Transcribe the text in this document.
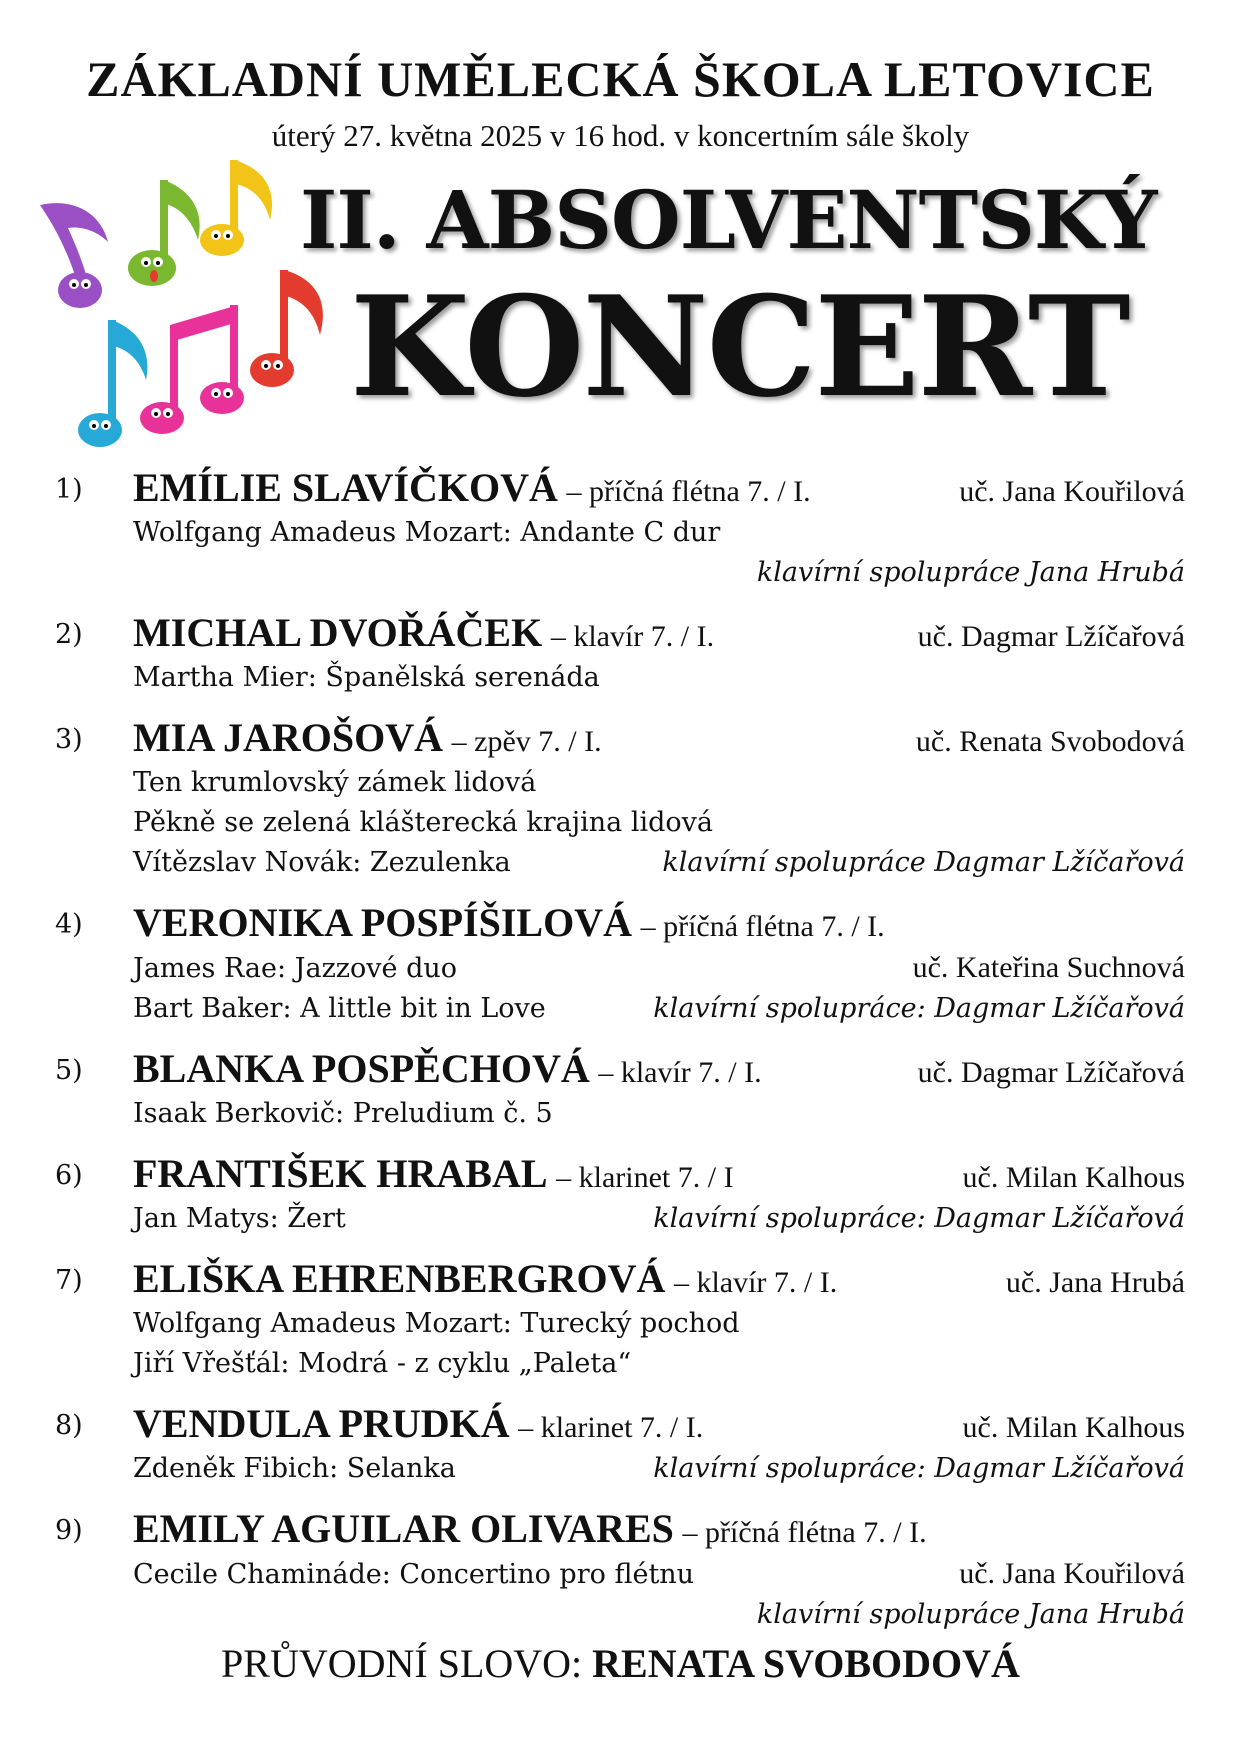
ZÁKLADNÍ UMĚLECKÁ ŠKOLA LETOVICE
úterý 27. května 2025 v 16 hod. v koncertním sále školy
II. ABSOLVENTSKÝ
KONCERT
1) EMÍLIE SLAVÍČKOVÁ – příčná flétna 7. / I.	uč. Jana Kouřilová
Wolfgang Amadeus Mozart: Andante C dur
klavírní spolupráce Jana Hrubá
2) MICHAL DVOŘÁČEK – klavír 7. / I.	uč. Dagmar Lžíčařová
Martha Mier: Španělská serenáda
3) MIA JAROŠOVÁ – zpěv 7. / I.	uč. Renata Svobodová
Ten krumlovský zámek lidová
Pěkně se zelená klášterecká krajina lidová
Vítězslav Novák: Zezulenka	klavírní spolupráce Dagmar Lžíčařová
4) VERONIKA POSPÍŠILOVÁ – příčná flétna 7. / I.
James Rae: Jazzové duo	uč. Kateřina Suchnová
Bart Baker: A little bit in Love	klavírní spolupráce: Dagmar Lžíčařová
5) BLANKA POSPĚCHOVÁ – klavír 7. / I.	uč. Dagmar Lžíčařová
Isaak Berkovič: Preludium č. 5
6) FRANTIŠEK HRABAL – klarinet 7. / I	uč. Milan Kalhous
Jan Matys: Žert	klavírní spolupráce: Dagmar Lžíčařová
7) ELIŠKA EHRENBERGROVÁ – klavír 7. / I.	uč. Jana Hrubá
Wolfgang Amadeus Mozart: Turecký pochod
Jiří Vřešťál: Modrá - z cyklu „Paleta“
8) VENDULA PRUDKÁ – klarinet 7. / I.	uč. Milan Kalhous
Zdeněk Fibich: Selanka	klavírní spolupráce: Dagmar Lžíčařová
9) EMILY AGUILAR OLIVARES – příčná flétna 7. / I.
Cecile Chamináde: Concertino pro flétnu	uč. Jana Kouřilová
klavírní spolupráce Jana Hrubá
PRŮVODNÍ SLOVO: RENATA SVOBODOVÁ
